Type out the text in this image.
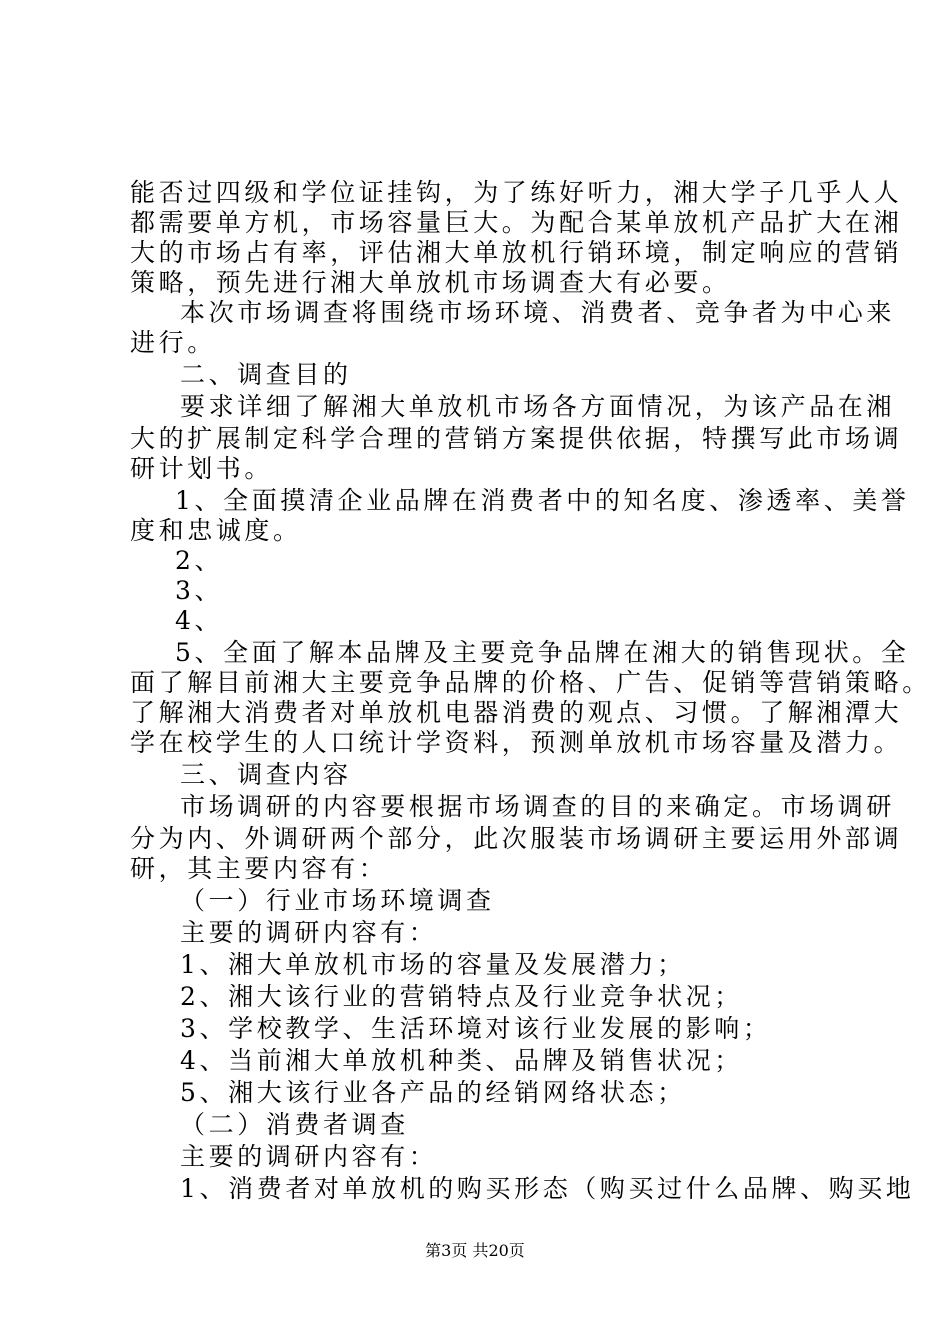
能否过四级和学位证挂钩，为了练好听力，湘大学子几乎人人
都需要单方机，市场容量巨大。为配合某单放机产品扩大在湘
大的市场占有率，评估湘大单放机行销环境，制定响应的营销
策略，预先进行湘大单放机市场调查大有必要。
本次市场调查将围绕市场环境、消费者、竞争者为中心来
进行。
二、调查目的
要求详细了解湘大单放机市场各方面情况，为该产品在湘
大的扩展制定科学合理的营销方案提供依据，特撰写此市场调
研计划书。
1、全面摸清企业品牌在消费者中的知名度、渗透率、美誉
度和忠诚度。
2、
3、
4、
5、全面了解本品牌及主要竞争品牌在湘大的销售现状。全
面了解目前湘大主要竞争品牌的价格、广告、促销等营销策略。
了解湘大消费者对单放机电器消费的观点、习惯。了解湘潭大
学在校学生的人口统计学资料，预测单放机市场容量及潜力。
三、调查内容
市场调研的内容要根据市场调查的目的来确定。市场调研
分为内、外调研两个部分，此次服装市场调研主要运用外部调
研，其主要内容有：
（一）行业市场环境调查
主要的调研内容有：
1、湘大单放机市场的容量及发展潜力；
2、湘大该行业的营销特点及行业竞争状况；
3、学校教学、生活环境对该行业发展的影响；
4、当前湘大单放机种类、品牌及销售状况；
5、湘大该行业各产品的经销网络状态；
（二）消费者调查
主要的调研内容有：
1、消费者对单放机的购买形态（购买过什么品牌、购买地
第3页 共20页
